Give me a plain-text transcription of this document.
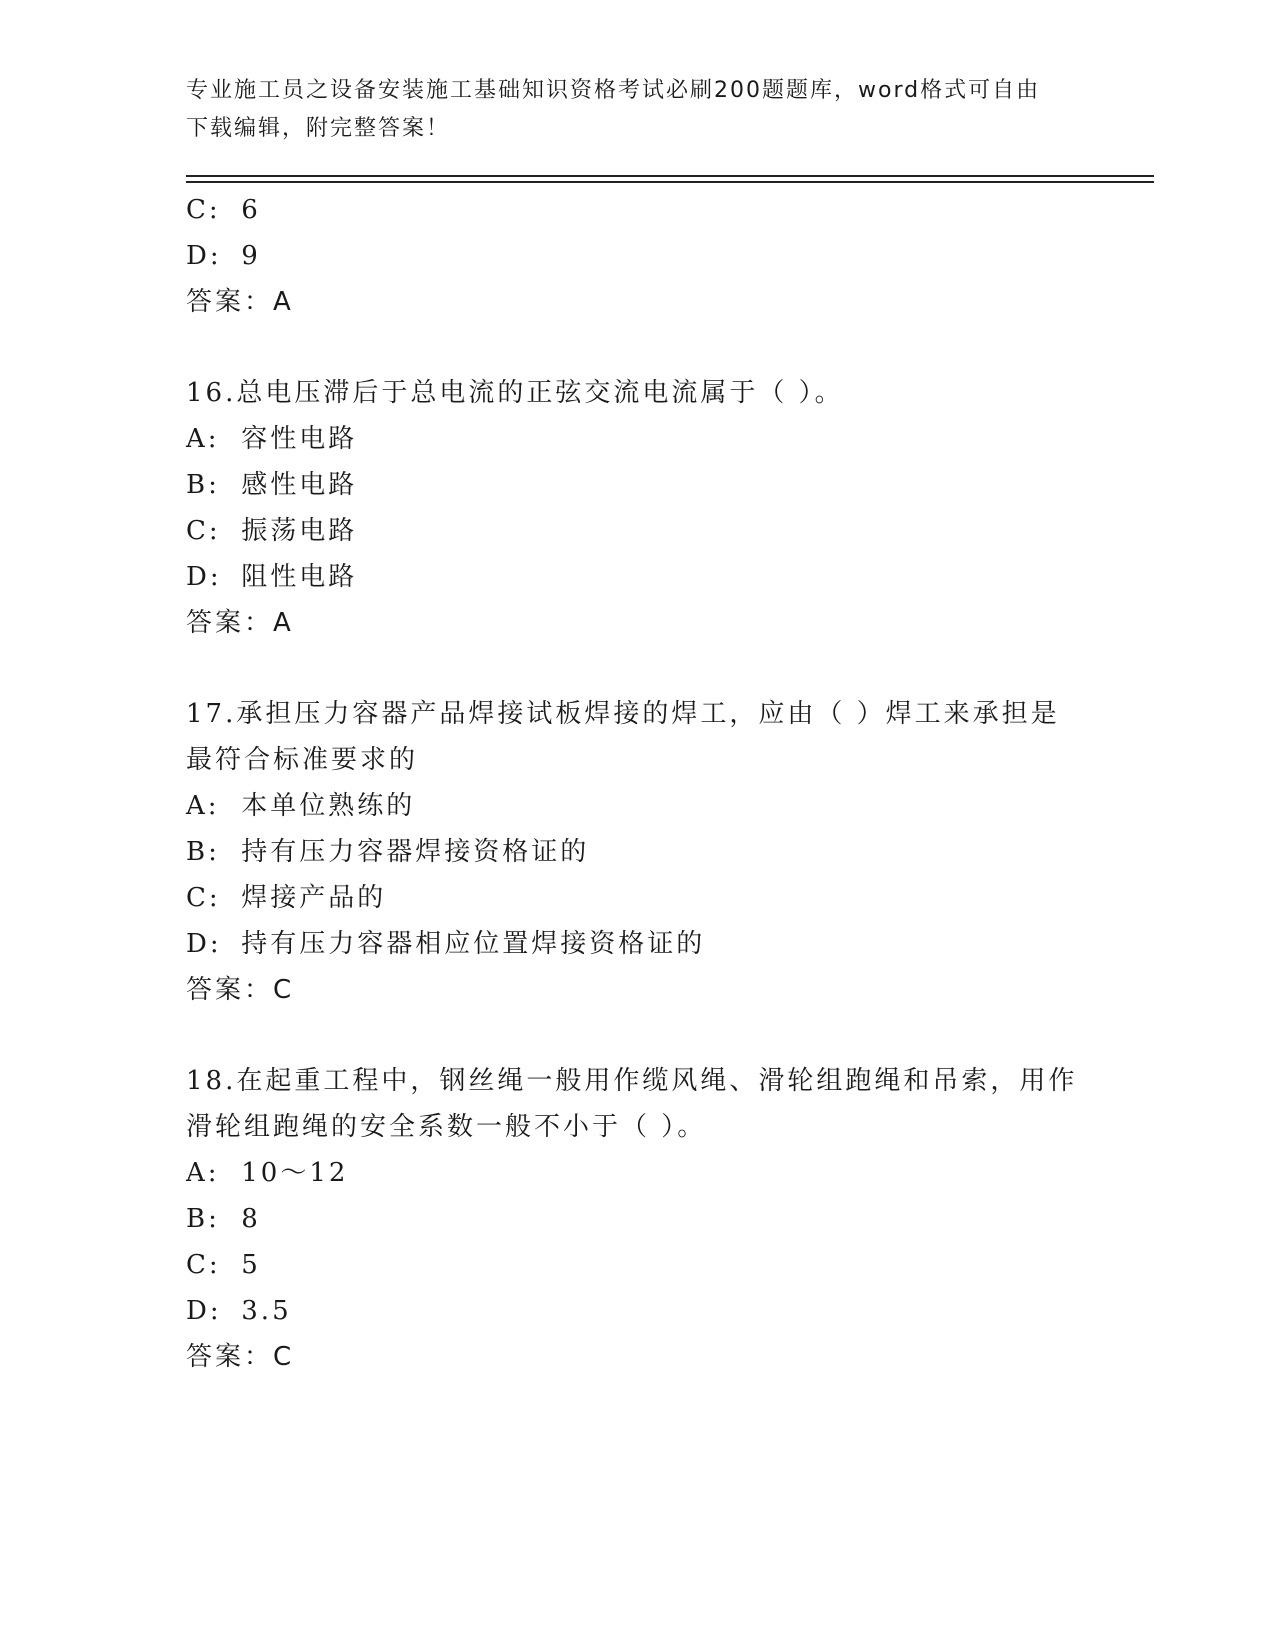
专业施工员之设备安装施工基础知识资格考试必刷200题题库，word格式可自由
下载编辑，附完整答案！
C: 6
D: 9
答案：A
16.总电压滞后于总电流的正弦交流电流属于（ ）。
A: 容性电路
B: 感性电路
C: 振荡电路
D: 阻性电路
答案：A
17.承担压力容器产品焊接试板焊接的焊工，应由（ ）焊工来承担是
最符合标准要求的
A: 本单位熟练的
B: 持有压力容器焊接资格证的
C: 焊接产品的
D: 持有压力容器相应位置焊接资格证的
答案：C
18.在起重工程中，钢丝绳一般用作缆风绳、滑轮组跑绳和吊索，用作
滑轮组跑绳的安全系数一般不小于（ ）。
A: 10～12
B: 8
C: 5
D: 3.5
答案：C
